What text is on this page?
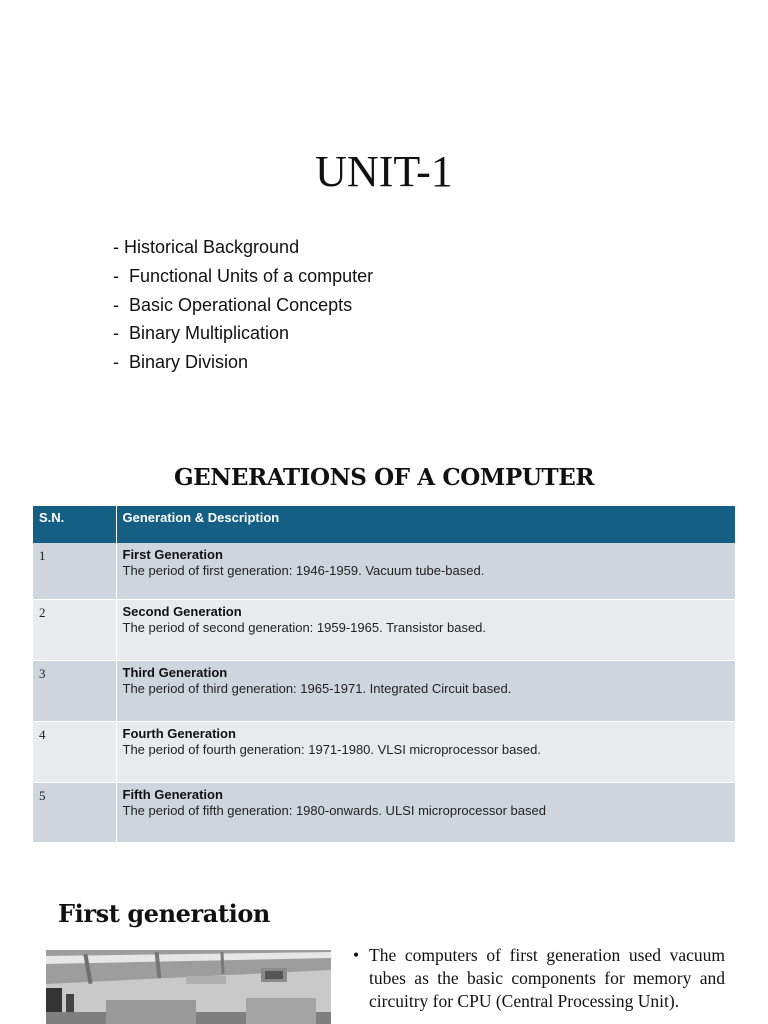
UNIT-1
- Historical Background
-  Functional Units of a computer
-  Basic Operational Concepts
-  Binary Multiplication
-  Binary Division
GENERATIONS OF A COMPUTER
S.N.	Generation & Description
1	First Generation
The period of first generation: 1946-1959. Vacuum tube-based.

2	Second Generation
The period of second generation: 1959-1965. Transistor based.

3	Third Generation
The period of third generation: 1965-1971. Integrated Circuit based.

4	Fourth Generation
The period of fourth generation: 1971-1980. VLSI microprocessor based.

5	Fifth Generation
The period of fifth generation: 1980-onwards. ULSI microprocessor based
First generation
• The computers of first generation used vacuum tubes as the basic components for memory and circuitry for CPU (Central Processing Unit).
